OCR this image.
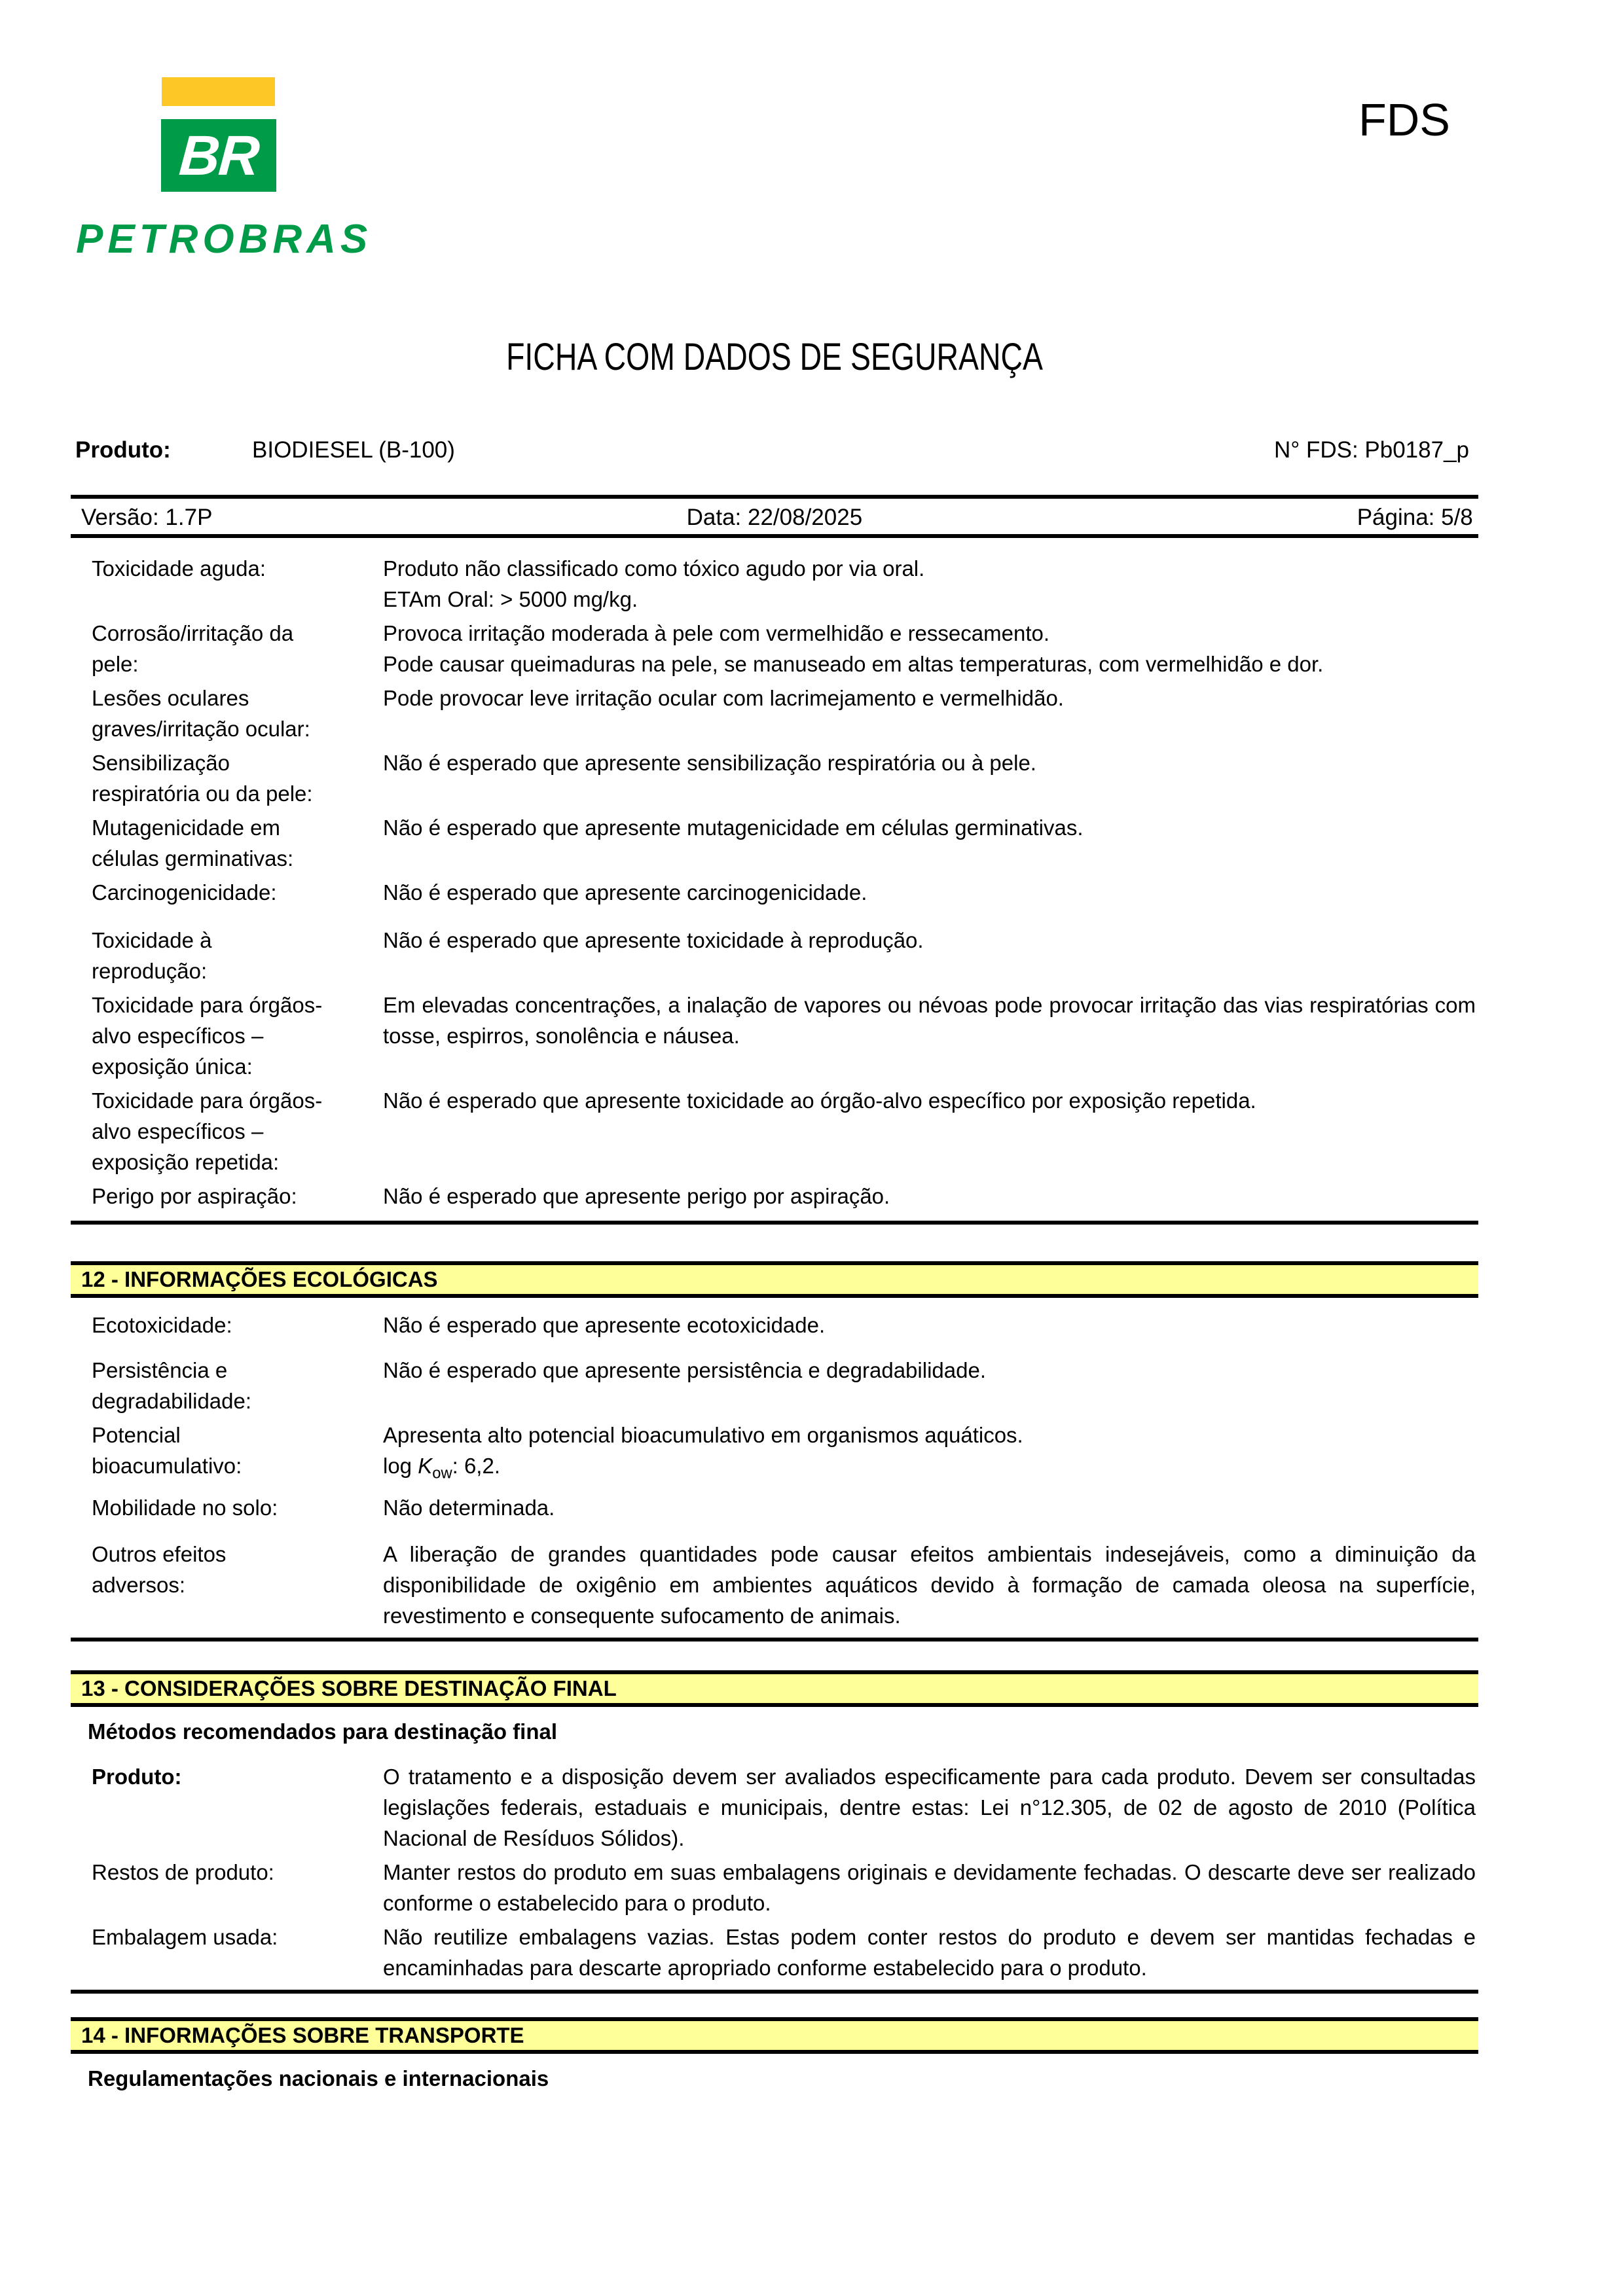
BR
PETROBRAS
FDS
FICHA COM DADOS DE SEGURANÇA
Produto:	BIODIESEL (B-100)	N° FDS: Pb0187_p
Versão: 1.7P	Data: 22/08/2025	Página: 5/8
Toxicidade aguda:	Produto não classificado como tóxico agudo por via oral.
ETAm Oral: > 5000 mg/kg.
Corrosão/irritação da
pele:
Provoca irritação moderada à pele com vermelhidão e ressecamento.
Pode causar queimaduras na pele, se manuseado em altas temperaturas, com vermelhidão e dor.
Lesões oculares
graves/irritação ocular:
Pode provocar leve irritação ocular com lacrimejamento e vermelhidão.
Sensibilização
respiratória ou da pele:
Não é esperado que apresente sensibilização respiratória ou à pele.
Mutagenicidade em
células germinativas:
Não é esperado que apresente mutagenicidade em células germinativas.
Carcinogenicidade:	Não é esperado que apresente carcinogenicidade.
Toxicidade à
reprodução:
Não é esperado que apresente toxicidade à reprodução.
Toxicidade para órgãos-
alvo específicos –
exposição única:
Em elevadas concentrações, a inalação de vapores ou névoas pode provocar irritação das vias respiratórias com tosse, espirros, sonolência e náusea.
Toxicidade para órgãos-
alvo específicos –
exposição repetida:
Não é esperado que apresente toxicidade ao órgão-alvo específico por exposição repetida.
Perigo por aspiração:	Não é esperado que apresente perigo por aspiração.
12 - INFORMAÇÕES ECOLÓGICAS
Ecotoxicidade:	Não é esperado que apresente ecotoxicidade.
Persistência e
degradabilidade:
Não é esperado que apresente persistência e degradabilidade.
Potencial
bioacumulativo:
Apresenta alto potencial bioacumulativo em organismos aquáticos.
$\log K_{ow}$: 6,2.
Mobilidade no solo:	Não determinada.
Outros efeitos
adversos:
A liberação de grandes quantidades pode causar efeitos ambientais indesejáveis, como a diminuição da disponibilidade de oxigênio em ambientes aquáticos devido à formação de camada oleosa na superfície, revestimento e consequente sufocamento de animais.
13 - CONSIDERAÇÕES SOBRE DESTINAÇÃO FINAL
Métodos recomendados para destinação final
Produto:	O tratamento e a disposição devem ser avaliados especificamente para cada produto. Devem ser consultadas legislações federais, estaduais e municipais, dentre estas: Lei n°12.305, de 02 de agosto de 2010 (Política Nacional de Resíduos Sólidos).
Restos de produto:	Manter restos do produto em suas embalagens originais e devidamente fechadas. O descarte deve ser realizado conforme o estabelecido para o produto.
Embalagem usada:	Não reutilize embalagens vazias. Estas podem conter restos do produto e devem ser mantidas fechadas e encaminhadas para descarte apropriado conforme estabelecido para o produto.
14 - INFORMAÇÕES SOBRE TRANSPORTE
Regulamentações nacionais e internacionais
